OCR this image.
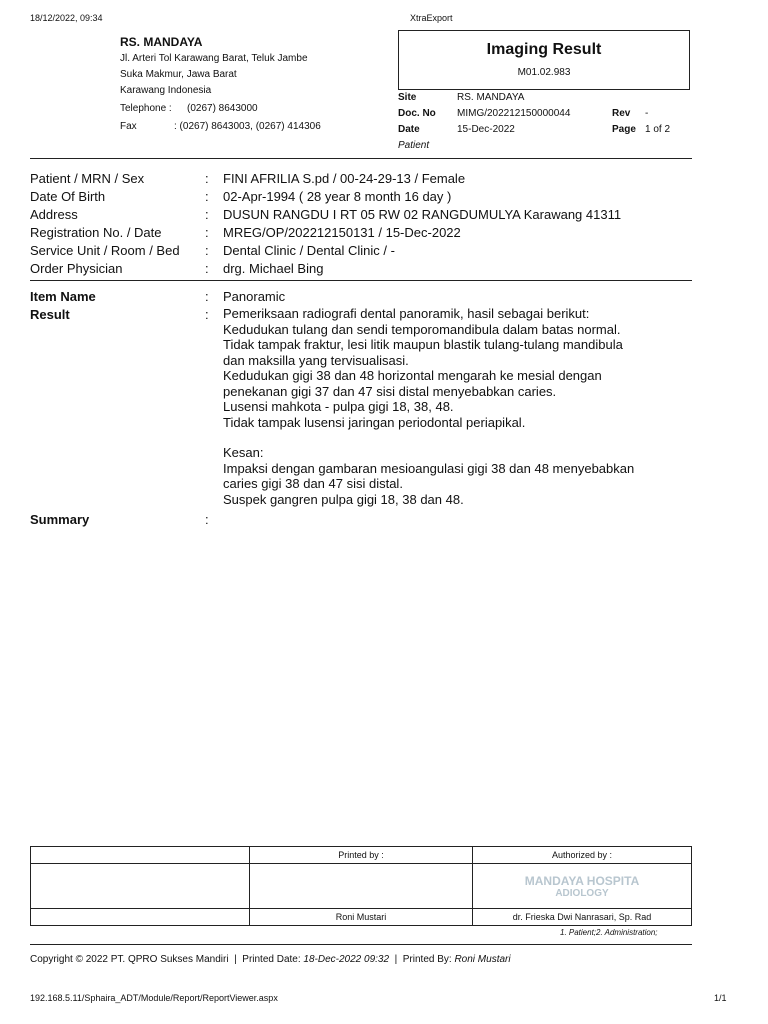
18/12/2022, 09:34	XtraExport
RS. MANDAYA
Jl. Arteri Tol Karawang Barat, Teluk Jambe
Suka Makmur, Jawa Barat
Karawang Indonesia
Telephone : (0267) 8643000
Fax	: (0267) 8643003, (0267) 414306
Imaging Result
M01.02.983
Site	RS. MANDAYA
Doc. No	MIMG/202212150000044	Rev	-
Date	15-Dec-2022	Page 1 of 2
Patient
Patient / MRN / Sex	:	FINI AFRILIA S.pd / 00-24-29-13 / Female
Date Of Birth	:	02-Apr-1994 ( 28 year 8 month 16 day )
Address	:	DUSUN RANGDU I RT 05 RW 02 RANGDUMULYA Karawang 41311
Registration No. / Date	:	MREG/OP/202212150131 / 15-Dec-2022
Service Unit / Room / Bed	:	Dental Clinic / Dental Clinic / -
Order Physician	:	drg. Michael Bing
Item Name	:	Panoramic
Result	:	Pemeriksaan radiografi dental panoramik, hasil sebagai berikut:
Kedudukan tulang dan sendi temporomandibula dalam batas normal.
Tidak tampak fraktur, lesi litik maupun blastik tulang-tulang mandibula
dan maksilla yang tervisualisasi.
Kedudukan gigi 38 dan 48 horizontal mengarah ke mesial dengan
penekanan gigi 37 dan 47 sisi distal menyebabkan caries.
Lusensi mahkota - pulpa gigi 18, 38, 48.
Tidak tampak lusensi jaringan periodontal periapikal.
Kesan:
Impaksi dengan gambaran mesioangulasi gigi 38 dan 48 menyebabkan
caries gigi 38 dan 47 sisi distal.
Suspek gangren pulpa gigi 18, 38 dan 48.
Summary	:
	Printed by :	Authorized by :

		MANDAYA HOSPITA
ADIOLOGY

	Roni Mustari	dr. Frieska Dwi Nanrasari, Sp. Rad
1. Patient;2. Administration;
Copyright © 2022 PT. QPRO Sukses Mandiri  |  Printed Date: 18-Dec-2022 09:32  |  Printed By: Roni Mustari
192.168.5.11/Sphaira_ADT/Module/Report/ReportViewer.aspx	1/1
